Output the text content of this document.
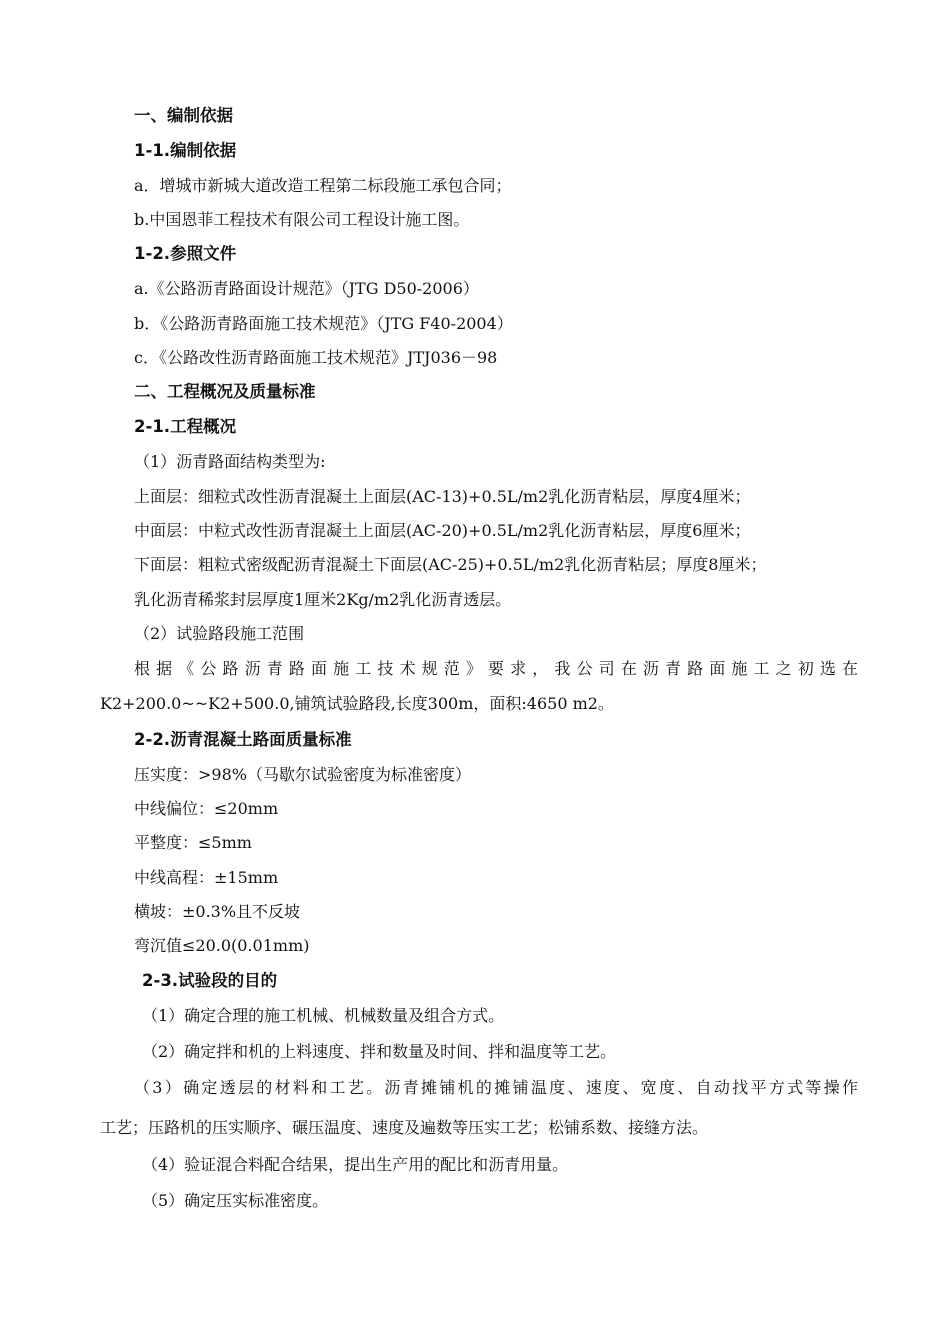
一、编制依据
1-1.编制依据
a．增城市新城大道改造工程第二标段施工承包合同；
b.中国恩菲工程技术有限公司工程设计施工图。
1-2.参照文件
a.《公路沥青路面设计规范》（JTG D50-2006）
b．《公路沥青路面施工技术规范》（JTG F40-2004）
c．《公路改性沥青路面施工技术规范》JTJ036－98
二、工程概况及质量标准
2-1.工程概况
（1）沥青路面结构类型为:
上面层：细粒式改性沥青混凝土上面层(AC-13)+0.5L/m2乳化沥青粘层，厚度4厘米；
中面层：中粒式改性沥青混凝土上面层(AC-20)+0.5L/m2乳化沥青粘层，厚度6厘米；
下面层：粗粒式密级配沥青混凝土下面层(AC-25)+0.5L/m2乳化沥青粘层；厚度8厘米；
乳化沥青稀浆封层厚度1厘米2Kg/m2乳化沥青透层。
（2）试验路段施工范围
根据《公路沥青路面施工技术规范》要求，我公司在沥青路面施工之初选在
K2+200.0~~K2+500.0,铺筑试验路段,长度300m，面积:4650 m2。
2-2.沥青混凝土路面质量标准
压实度：>98%（马歇尔试验密度为标准密度）
中线偏位：≤20mm
平整度：≤5mm
中线高程：±15mm
横坡：±0.3%且不反坡
弯沉值≤20.0(0.01mm)
2-3.试验段的目的
（1）确定合理的施工机械、机械数量及组合方式。
（2）确定拌和机的上料速度、拌和数量及时间、拌和温度等工艺。
（3）确定透层的材料和工艺。沥青摊铺机的摊铺温度、速度、宽度、自动找平方式等操作
工艺；压路机的压实顺序、碾压温度、速度及遍数等压实工艺；松铺系数、接缝方法。
（4）验证混合料配合结果，提出生产用的配比和沥青用量。
（5）确定压实标准密度。
